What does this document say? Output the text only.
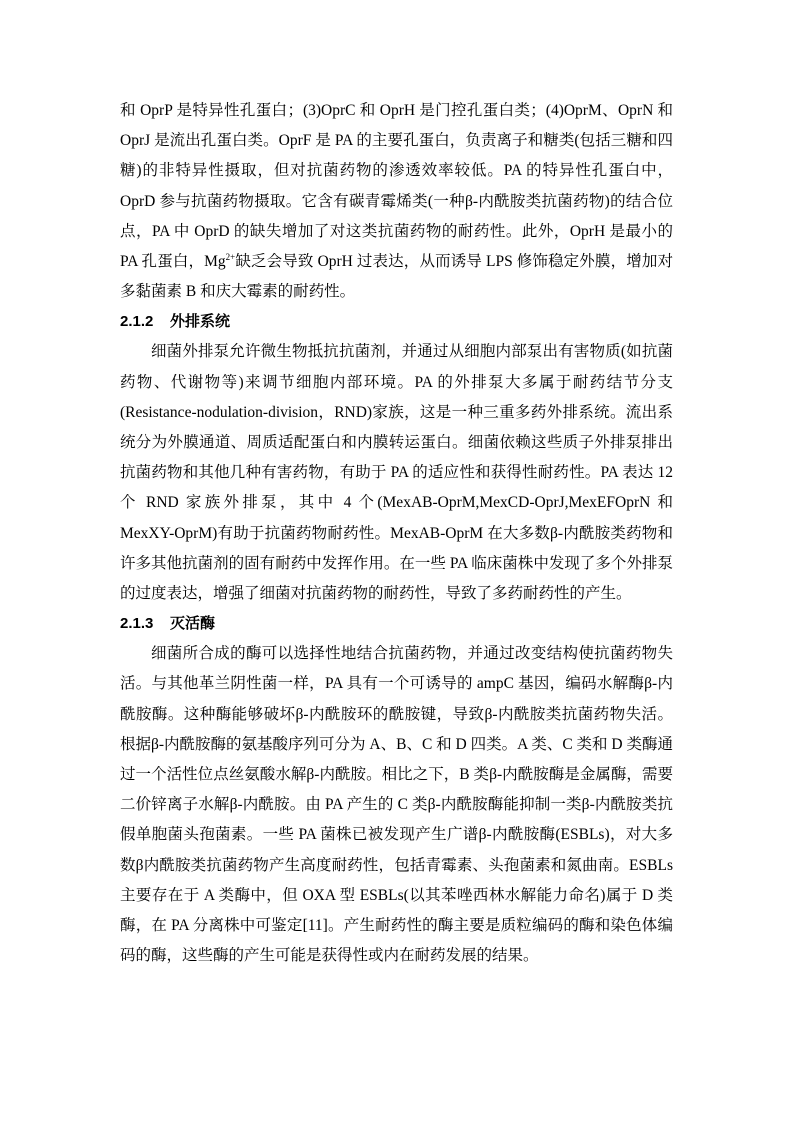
和 OprP 是特异性孔蛋白；(3)OprC 和 OprH 是门控孔蛋白类；(4)OprM、OprN 和 OprJ 是流出孔蛋白类。OprF 是 PA 的主要孔蛋白，负责离子和糖类(包括三糖和四糖)的非特异性摄取，但对抗菌药物的渗透效率较低。PA 的特异性孔蛋白中，OprD 参与抗菌药物摄取。它含有碳青霉烯类(一种β-内酰胺类抗菌药物)的结合位点，PA 中 OprD 的缺失增加了对这类抗菌药物的耐药性。此外，OprH 是最小的 PA 孔蛋白，$Mg^{2+}$缺乏会导致 OprH 过表达，从而诱导 LPS 修饰稳定外膜，增加对多黏菌素 B 和庆大霉素的耐药性。

2.1.2 外排系统

细菌外排泵允许微生物抵抗抗菌剂，并通过从细胞内部泵出有害物质(如抗菌药物、代谢物等)来调节细胞内部环境。PA 的外排泵大多属于耐药结节分支(Resistance-nodulation-division，RND)家族，这是一种三重多药外排系统。流出系统分为外膜通道、周质适配蛋白和内膜转运蛋白。细菌依赖这些质子外排泵排出抗菌药物和其他几种有害药物，有助于 PA 的适应性和获得性耐药性。PA 表达 12 个 RND 家族外排泵，其中 4 个(MexAB-OprM,MexCD-OprJ,MexEFOprN 和 MexXY-OprM)有助于抗菌药物耐药性。MexAB-OprM 在大多数β-内酰胺类药物和许多其他抗菌剂的固有耐药中发挥作用。在一些 PA 临床菌株中发现了多个外排泵的过度表达，增强了细菌对抗菌药物的耐药性，导致了多药耐药性的产生。

2.1.3 灭活酶

细菌所合成的酶可以选择性地结合抗菌药物，并通过改变结构使抗菌药物失活。与其他革兰阴性菌一样，PA 具有一个可诱导的 ampC 基因，编码水解酶β-内酰胺酶。这种酶能够破坏β-内酰胺环的酰胺键，导致β-内酰胺类抗菌药物失活。根据β-内酰胺酶的氨基酸序列可分为 A、B、C 和 D 四类。A 类、C 类和 D 类酶通过一个活性位点丝氨酸水解β-内酰胺。相比之下，B 类β-内酰胺酶是金属酶，需要二价锌离子水解β-内酰胺。由 PA 产生的 C 类β-内酰胺酶能抑制一类β-内酰胺类抗假单胞菌头孢菌素。一些 PA 菌株已被发现产生广谱β-内酰胺酶(ESBLs)，对大多数β内酰胺类抗菌药物产生高度耐药性，包括青霉素、头孢菌素和氮曲南。ESBLs 主要存在于 A 类酶中，但 OXA 型 ESBLs(以其苯唑西林水解能力命名)属于 D 类酶，在 PA 分离株中可鉴定[11]。产生耐药性的酶主要是质粒编码的酶和染色体编码的酶，这些酶的产生可能是获得性或内在耐药发展的结果。
